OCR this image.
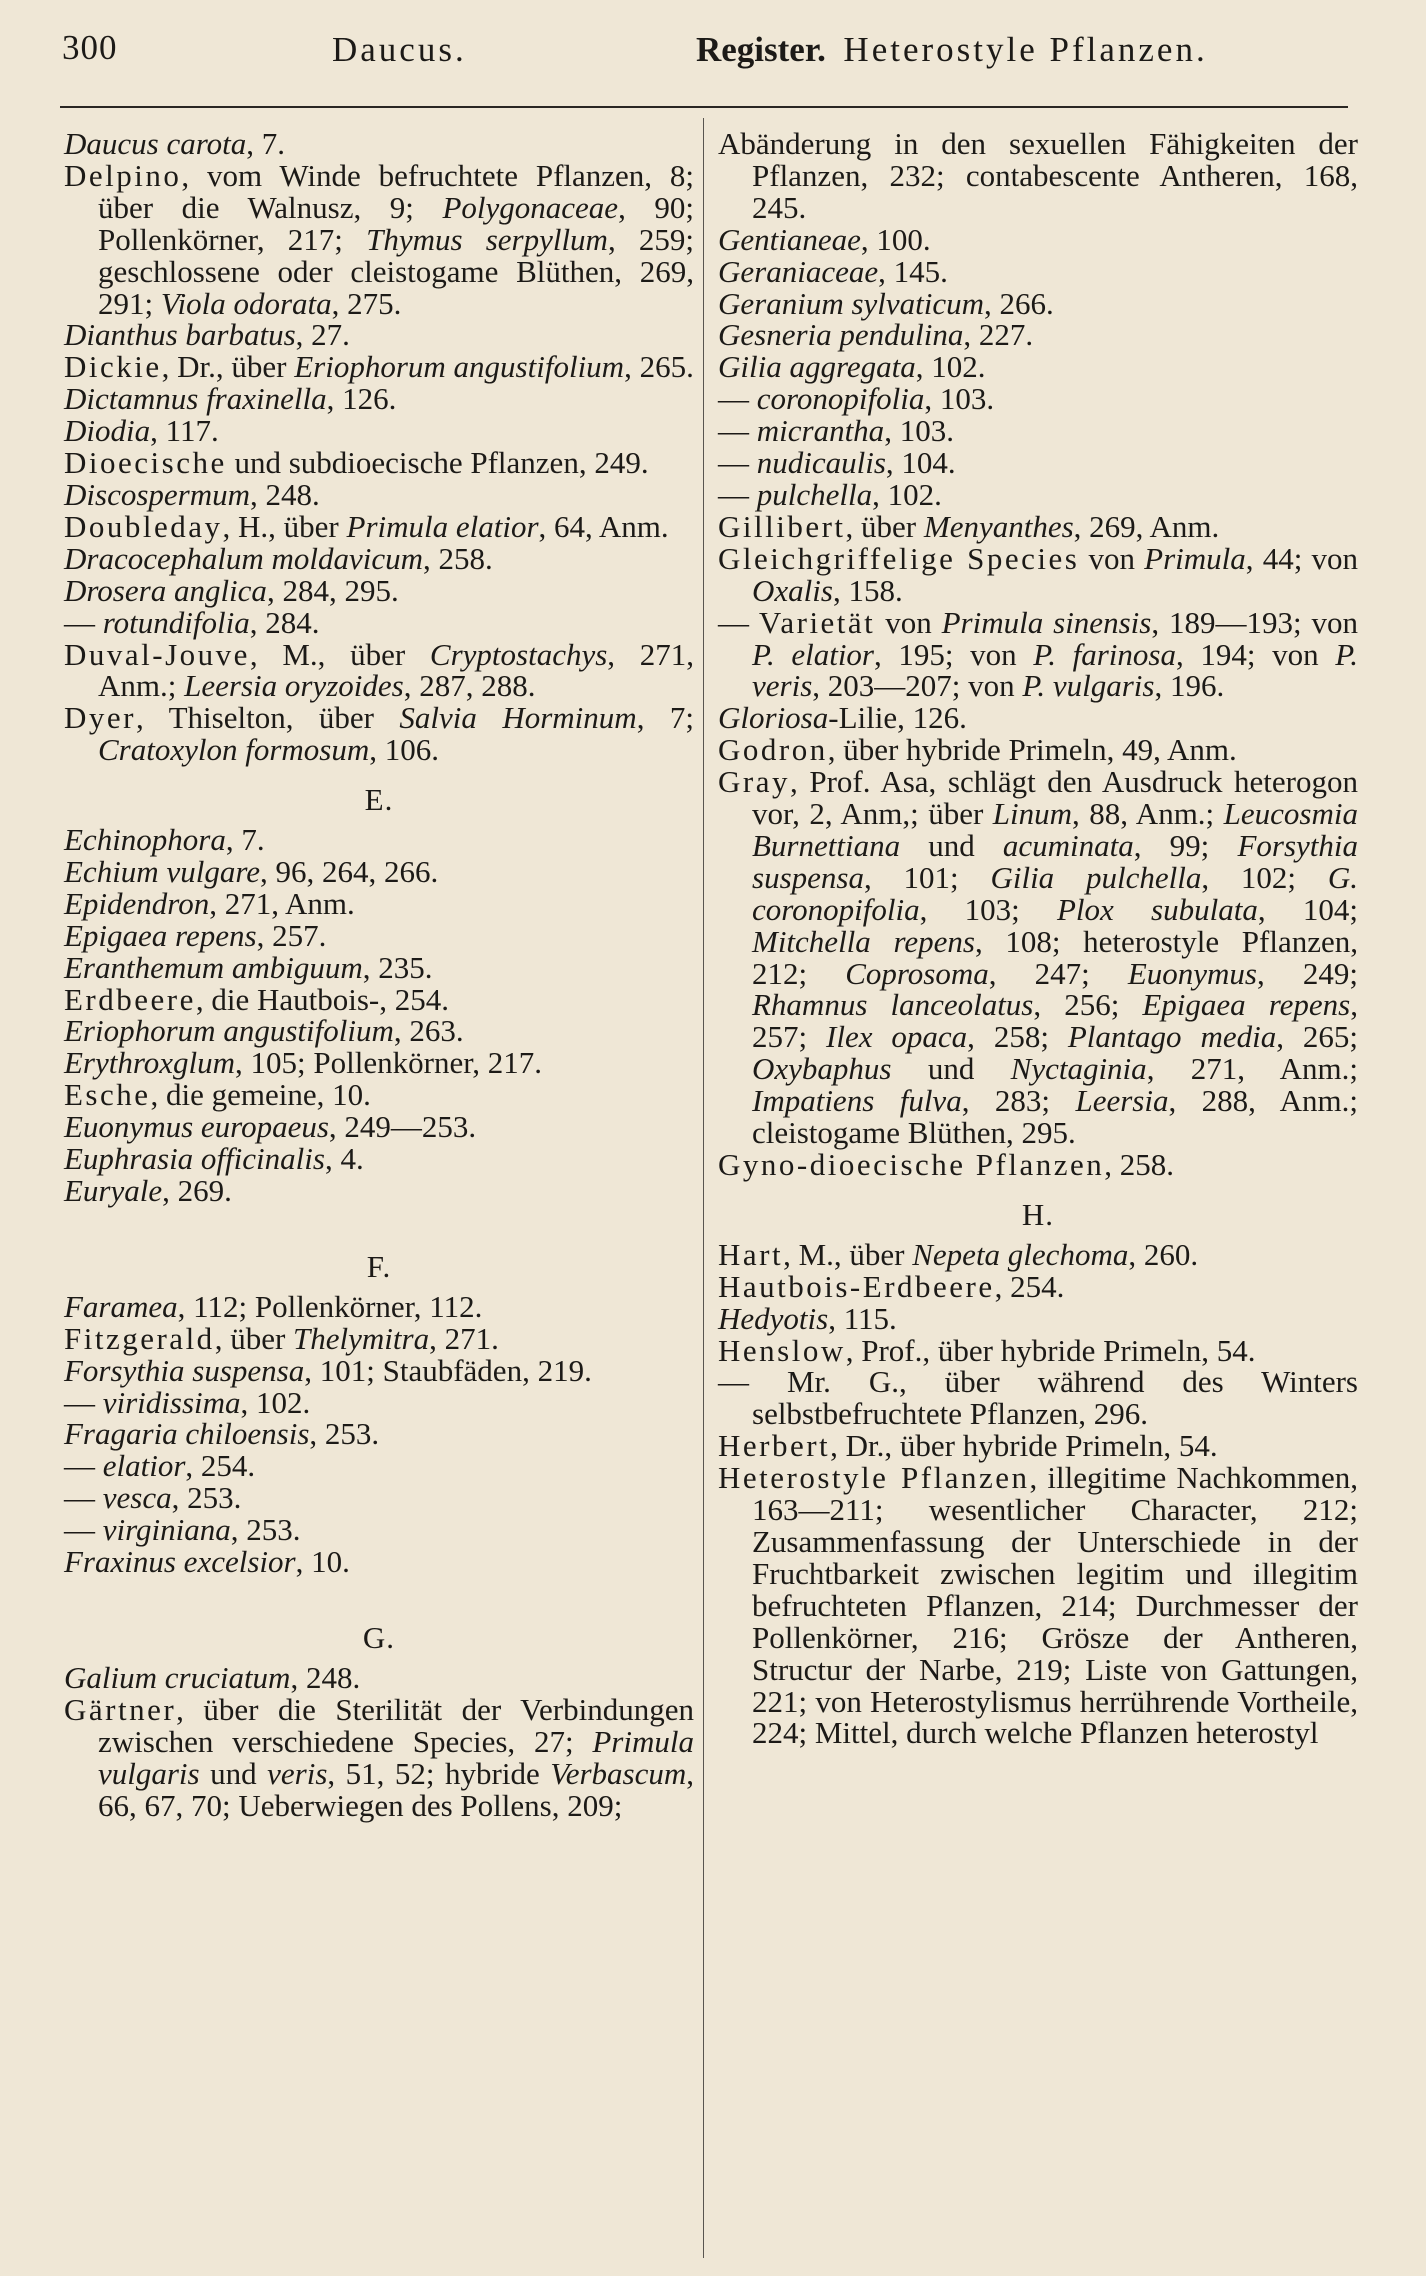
300	Daucus.	Register. Heterostyle Pflanzen.
Daucus carota, 7.
Delpino, vom Winde befruchtete Pflanzen, 8; über die Walnusz, 9; Polygonaceae, 90; Pollenkörner, 217; Thymus serpyllum, 259; geschlossene oder cleistogame Blüthen, 269, 291; Viola odorata, 275.
Dianthus barbatus, 27.
Dickie, Dr., über Eriophorum angustifolium, 265.
Dictamnus fraxinella, 126.
Diodia, 117.
Dioecische und subdioecische Pflanzen, 249.
Discospermum, 248.
Doubleday, H., über Primula elatior, 64, Anm.
Dracocephalum moldavicum, 258.
Drosera anglica, 284, 295.
— rotundifolia, 284.
Duval-Jouve, M., über Cryptostachys, 271, Anm.; Leersia oryzoides, 287, 288.
Dyer, Thiselton, über Salvia Horminum, 7; Cratoxylon formosum, 106.
E.
Echinophora, 7.
Echium vulgare, 96, 264, 266.
Epidendron, 271, Anm.
Epigaea repens, 257.
Eranthemum ambiguum, 235.
Erdbeere, die Hautbois-, 254.
Eriophorum angustifolium, 263.
Erythroxglum, 105; Pollenkörner, 217.
Esche, die gemeine, 10.
Euonymus europaeus, 249—253.
Euphrasia officinalis, 4.
Euryale, 269.
F.
Faramea, 112; Pollenkörner, 112.
Fitzgerald, über Thelymitra, 271.
Forsythia suspensa, 101; Staubfäden, 219.
— viridissima, 102.
Fragaria chiloensis, 253.
— elatior, 254.
— vesca, 253.
— virginiana, 253.
Fraxinus excelsior, 10.
G.
Galium cruciatum, 248.
Gärtner, über die Sterilität der Verbindungen zwischen verschiedene Species, 27; Primula vulgaris und veris, 51, 52; hybride Verbascum, 66, 67, 70; Ueberwiegen des Pollens, 209;
Abänderung in den sexuellen Fähigkeiten der Pflanzen, 232; contabescente Antheren, 168, 245.
Gentianeae, 100.
Geraniaceae, 145.
Geranium sylvaticum, 266.
Gesneria pendulina, 227.
Gilia aggregata, 102.
— coronopifolia, 103.
— micrantha, 103.
— nudicaulis, 104.
— pulchella, 102.
Gillibert, über Menyanthes, 269, Anm.
Gleichgriffelige Species von Primula, 44; von Oxalis, 158.
— Varietät von Primula sinensis, 189—193; von P. elatior, 195; von P. farinosa, 194; von P. veris, 203—207; von P. vulgaris, 196.
Gloriosa-Lilie, 126.
Godron, über hybride Primeln, 49, Anm.
Gray, Prof. Asa, schlägt den Ausdruck heterogon vor, 2, Anm,; über Linum, 88, Anm.; Leucosmia Burnettiana und acuminata, 99; Forsythia suspensa, 101; Gilia pulchella, 102; G. coronopifolia, 103; Plox subulata, 104; Mitchella repens, 108; heterostyle Pflanzen, 212; Coprosoma, 247; Euonymus, 249; Rhamnus lanceolatus, 256; Epigaea repens, 257; Ilex opaca, 258; Plantago media, 265; Oxybaphus und Nyctaginia, 271, Anm.; Impatiens fulva, 283; Leersia, 288, Anm.; cleistogame Blüthen, 295.
Gyno-dioecische Pflanzen, 258.
H.
Hart, M., über Nepeta glechoma, 260.
Hautbois-Erdbeere, 254.
Hedyotis, 115.
Henslow, Prof., über hybride Primeln, 54.
— Mr. G., über während des Winters selbstbefruchtete Pflanzen, 296.
Herbert, Dr., über hybride Primeln, 54.
Heterostyle Pflanzen, illegitime Nachkommen, 163—211; wesentlicher Character, 212; Zusammenfassung der Unterschiede in der Fruchtbarkeit zwischen legitim und illegitim befruchteten Pflanzen, 214; Durchmesser der Pollenkörner, 216; Grösze der Antheren, Structur der Narbe, 219; Liste von Gattungen, 221; von Heterostylismus herrührende Vortheile, 224; Mittel, durch welche Pflanzen heterostyl
